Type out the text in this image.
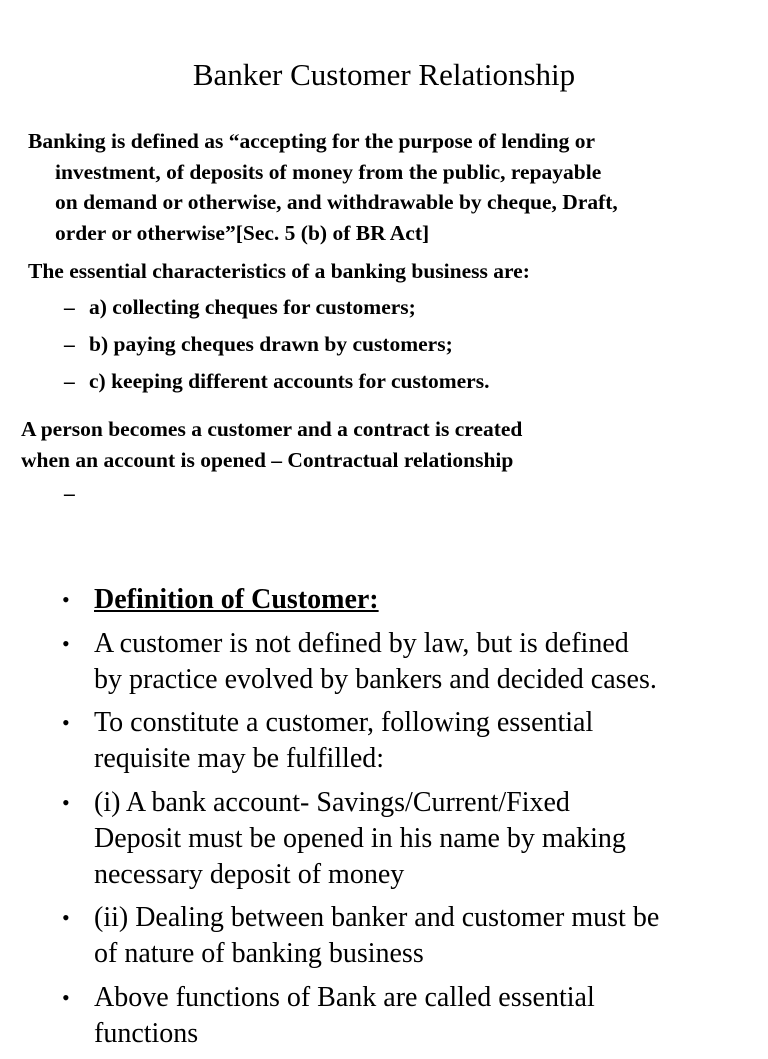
Banker Customer Relationship
Banking is defined as “accepting for the purpose of lending or
investment, of deposits of money from the public, repayable
on demand or otherwise, and withdrawable by cheque, Draft,
order or otherwise”[Sec. 5 (b) of BR Act]
The essential characteristics of a banking business are:
– a) collecting cheques for customers;
– b) paying cheques drawn by customers;
– c) keeping different accounts for customers.
A person becomes a customer and a contract is created
when an account is opened – Contractual relationship
–
• Definition of Customer:
• A customer is not defined by law, but is defined
by practice evolved by bankers and decided cases.
• To constitute a customer, following essential
requisite may be fulfilled:
• (i) A bank account- Savings/Current/Fixed
Deposit must be opened in his name by making
necessary deposit of money
• (ii) Dealing between banker and customer must be
of nature of banking business
• Above functions of Bank are called essential
functions
